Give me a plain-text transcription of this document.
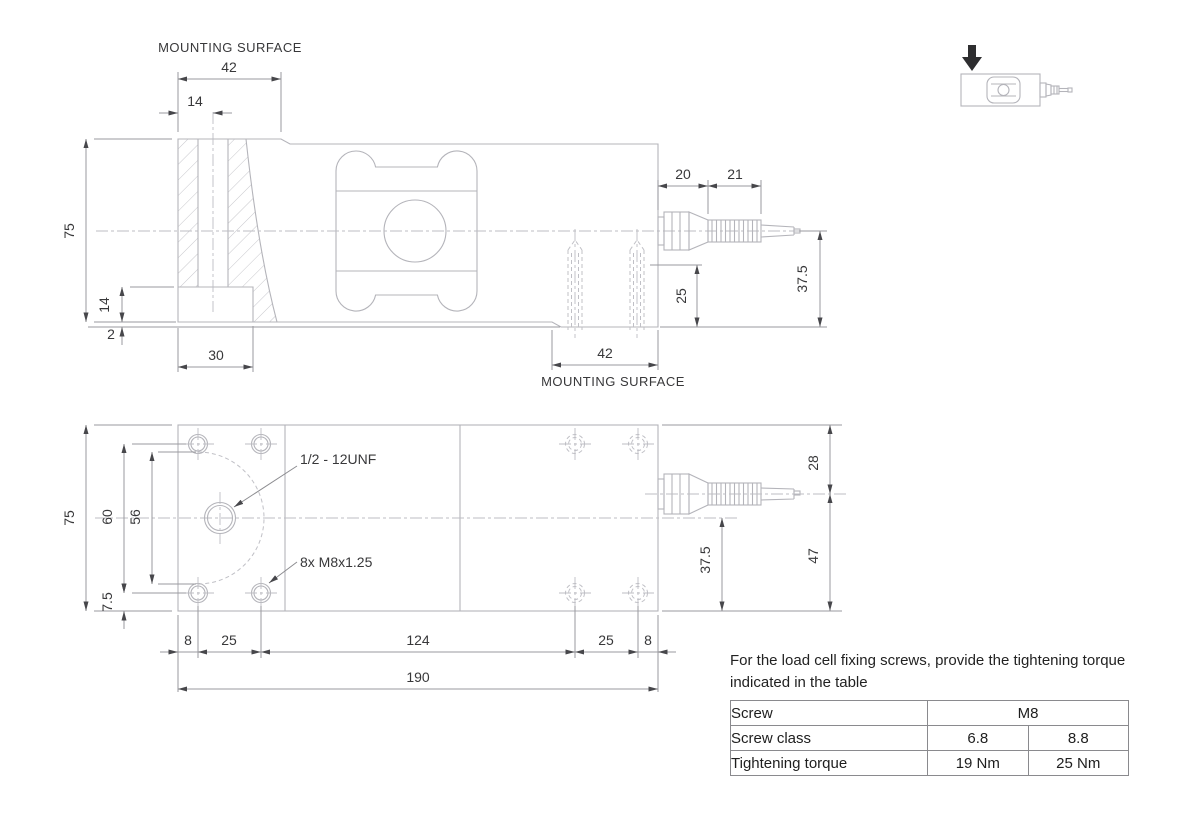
42
MOUNTING SURFACE
14
75
14
2
30	42
MOUNTING SURFACE
20	21
25
37.5
1/2 - 12UNF
8x M8x1.25
75 60 56
7.5
8 25	124	25 8
190
28
47
37.5

For the load cell fixing screws, provide the tightening torque indicated in the table

Screw	M8	
Screw class	6.8	8.8
Tightening torque	19 Nm	25 Nm
